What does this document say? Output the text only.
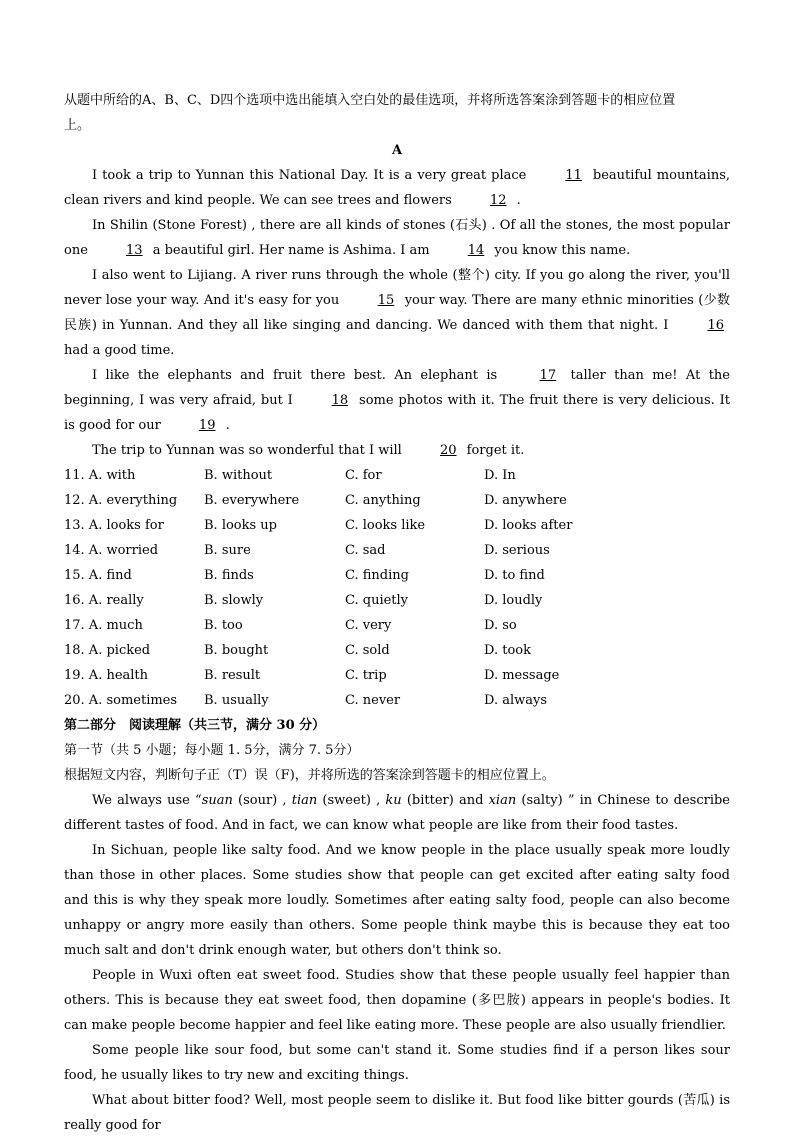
从题中所给的A、B、C、D四个选项中选出能填入空白处的最佳选项，并将所选答案涂到答题卡的相应位置
上。
A
I took a trip to Yunnan this National Day. It is a very great place	11 beautiful mountains, clean rivers and kind people. We can see trees and flowers	12 .
In Shilin (Stone Forest) , there are all kinds of stones (石头) . Of all the stones, the most popular one	13 a beautiful girl. Her name is Ashima. I am	14 you know this name.
I also went to Lijiang. A river runs through the whole (整个) city. If you go along the river, you'll never lose your way. And it's easy for you	15 your way. There are many ethnic minorities (少数民族) in Yunnan. And they all like singing and dancing. We danced with them that night. I	16 had a good time.
I like the elephants and fruit there best. An elephant is	17 taller than me! At the beginning, I was very afraid, but I	18 some photos with it. The fruit there is very delicious. It is good for our	19 .
The trip to Yunnan was so wonderful that I will	20 forget it.
11. A. with	B. without	C. for	D. In
12. A. everything	B. everywhere	C. anything	D. anywhere
13. A. looks for	B. looks up	C. looks like	D. looks after
14. A. worried	B. sure	C. sad	D. serious
15. A. find	B. finds	C. finding	D. to find
16. A. really	B. slowly	C. quietly	D. loudly
17. A. much	B. too	C. very	D. so
18. A. picked	B. bought	C. sold	D. took
19. A. health	B. result	C. trip	D. message
20. A. sometimes	B. usually	C. never	D. always
第二部分　阅读理解（共三节，满分 30 分）
第一节（共 5 小题；每小题 1. 5分，满分 7. 5分）
根据短文内容，判断句子正（T）误（F)，并将所选的答案涂到答题卡的相应位置上。
We always use “suan (sour) , tian (sweet) , ku (bitter) and xian (salty) ” in Chinese to describe different tastes of food. And in fact, we can know what people are like from their food tastes.
In Sichuan, people like salty food. And we know people in the place usually speak more loudly than those in other places. Some studies show that people can get excited after eating salty food and this is why they speak more loudly. Sometimes after eating salty food, people can also become unhappy or angry more easily than others. Some people think maybe this is because they eat too much salt and don't drink enough water, but others don't think so.
People in Wuxi often eat sweet food. Studies show that these people usually feel happier than others. This is because they eat sweet food, then dopamine (多巴胺) appears in people's bodies. It can make people become happier and feel like eating more. These people are also usually friendlier.
Some people like sour food, but some can't stand it. Some studies find if a person likes sour food, he usually likes to try new and exciting things.
What about bitter food? Well, most people seem to dislike it. But food like bitter gourds (苦瓜) is really good for
